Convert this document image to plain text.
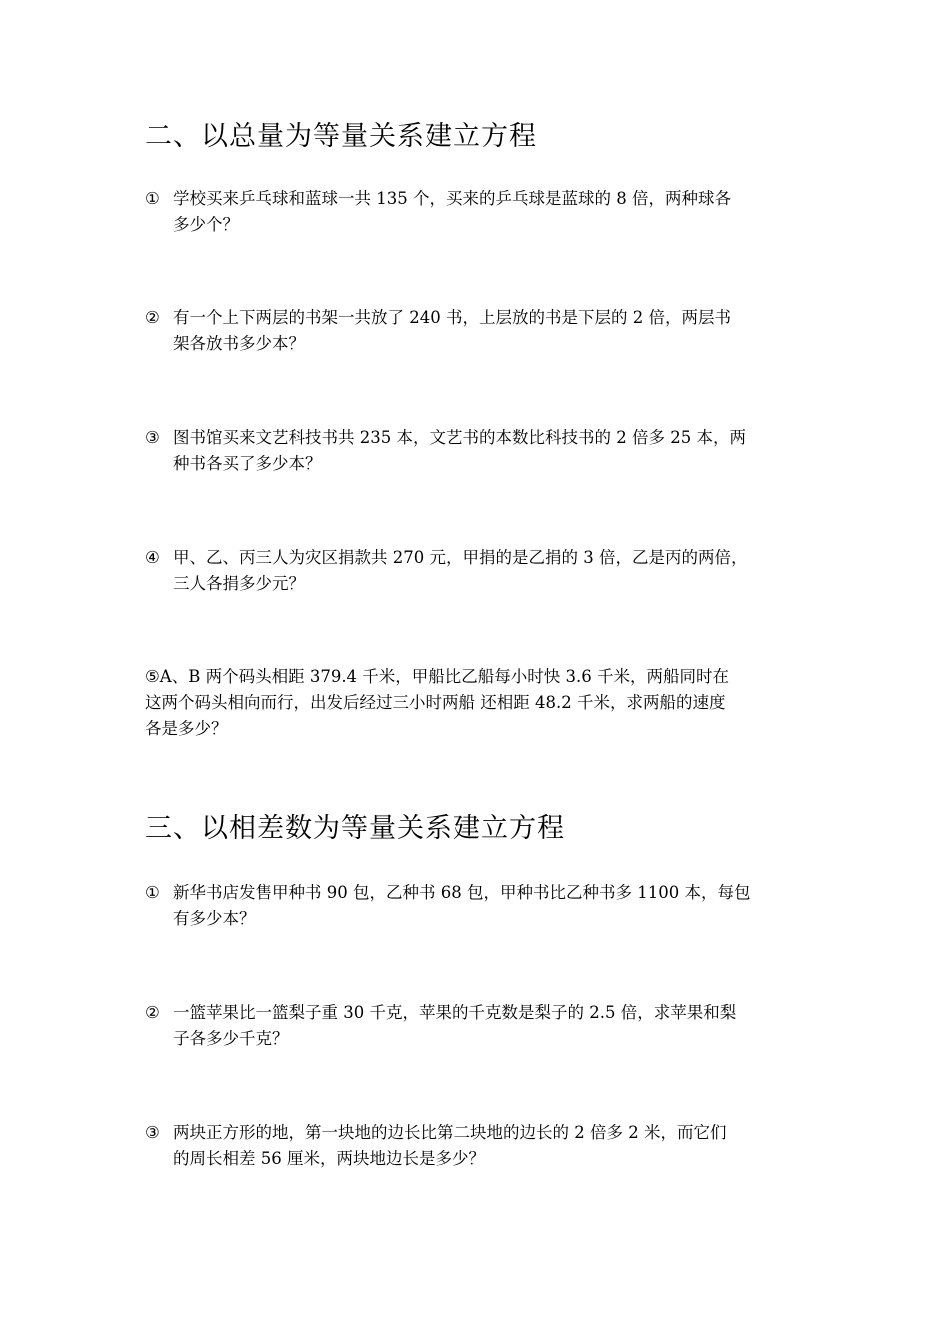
二、以总量为等量关系建立方程
① 学校买来乒乓球和蓝球一共 135 个，买来的乒乓球是蓝球的 8 倍，两种球各
多少个？
② 有一个上下两层的书架一共放了 240 书，上层放的书是下层的 2 倍，两层书
架各放书多少本？
③ 图书馆买来文艺科技书共 235 本，文艺书的本数比科技书的 2 倍多 25 本，两
种书各买了多少本？
④ 甲、乙、丙三人为灾区捐款共 270 元，甲捐的是乙捐的 3 倍，乙是丙的两倍，
三人各捐多少元？
⑤A、B 两个码头相距 379.4 千米，甲船比乙船每小时快 3.6 千米，两船同时在
这两个码头相向而行，出发后经过三小时两船 还相距 48.2 千米，求两船的速度
各是多少？
三、以相差数为等量关系建立方程
① 新华书店发售甲种书 90 包，乙种书 68 包，甲种书比乙种书多 1100 本，每包
有多少本？
② 一篮苹果比一篮梨子重 30 千克，苹果的千克数是梨子的 2.5 倍，求苹果和梨
子各多少千克？
③ 两块正方形的地，第一块地的边长比第二块地的边长的 2 倍多 2 米，而它们
的周长相差 56 厘米，两块地边长是多少？
